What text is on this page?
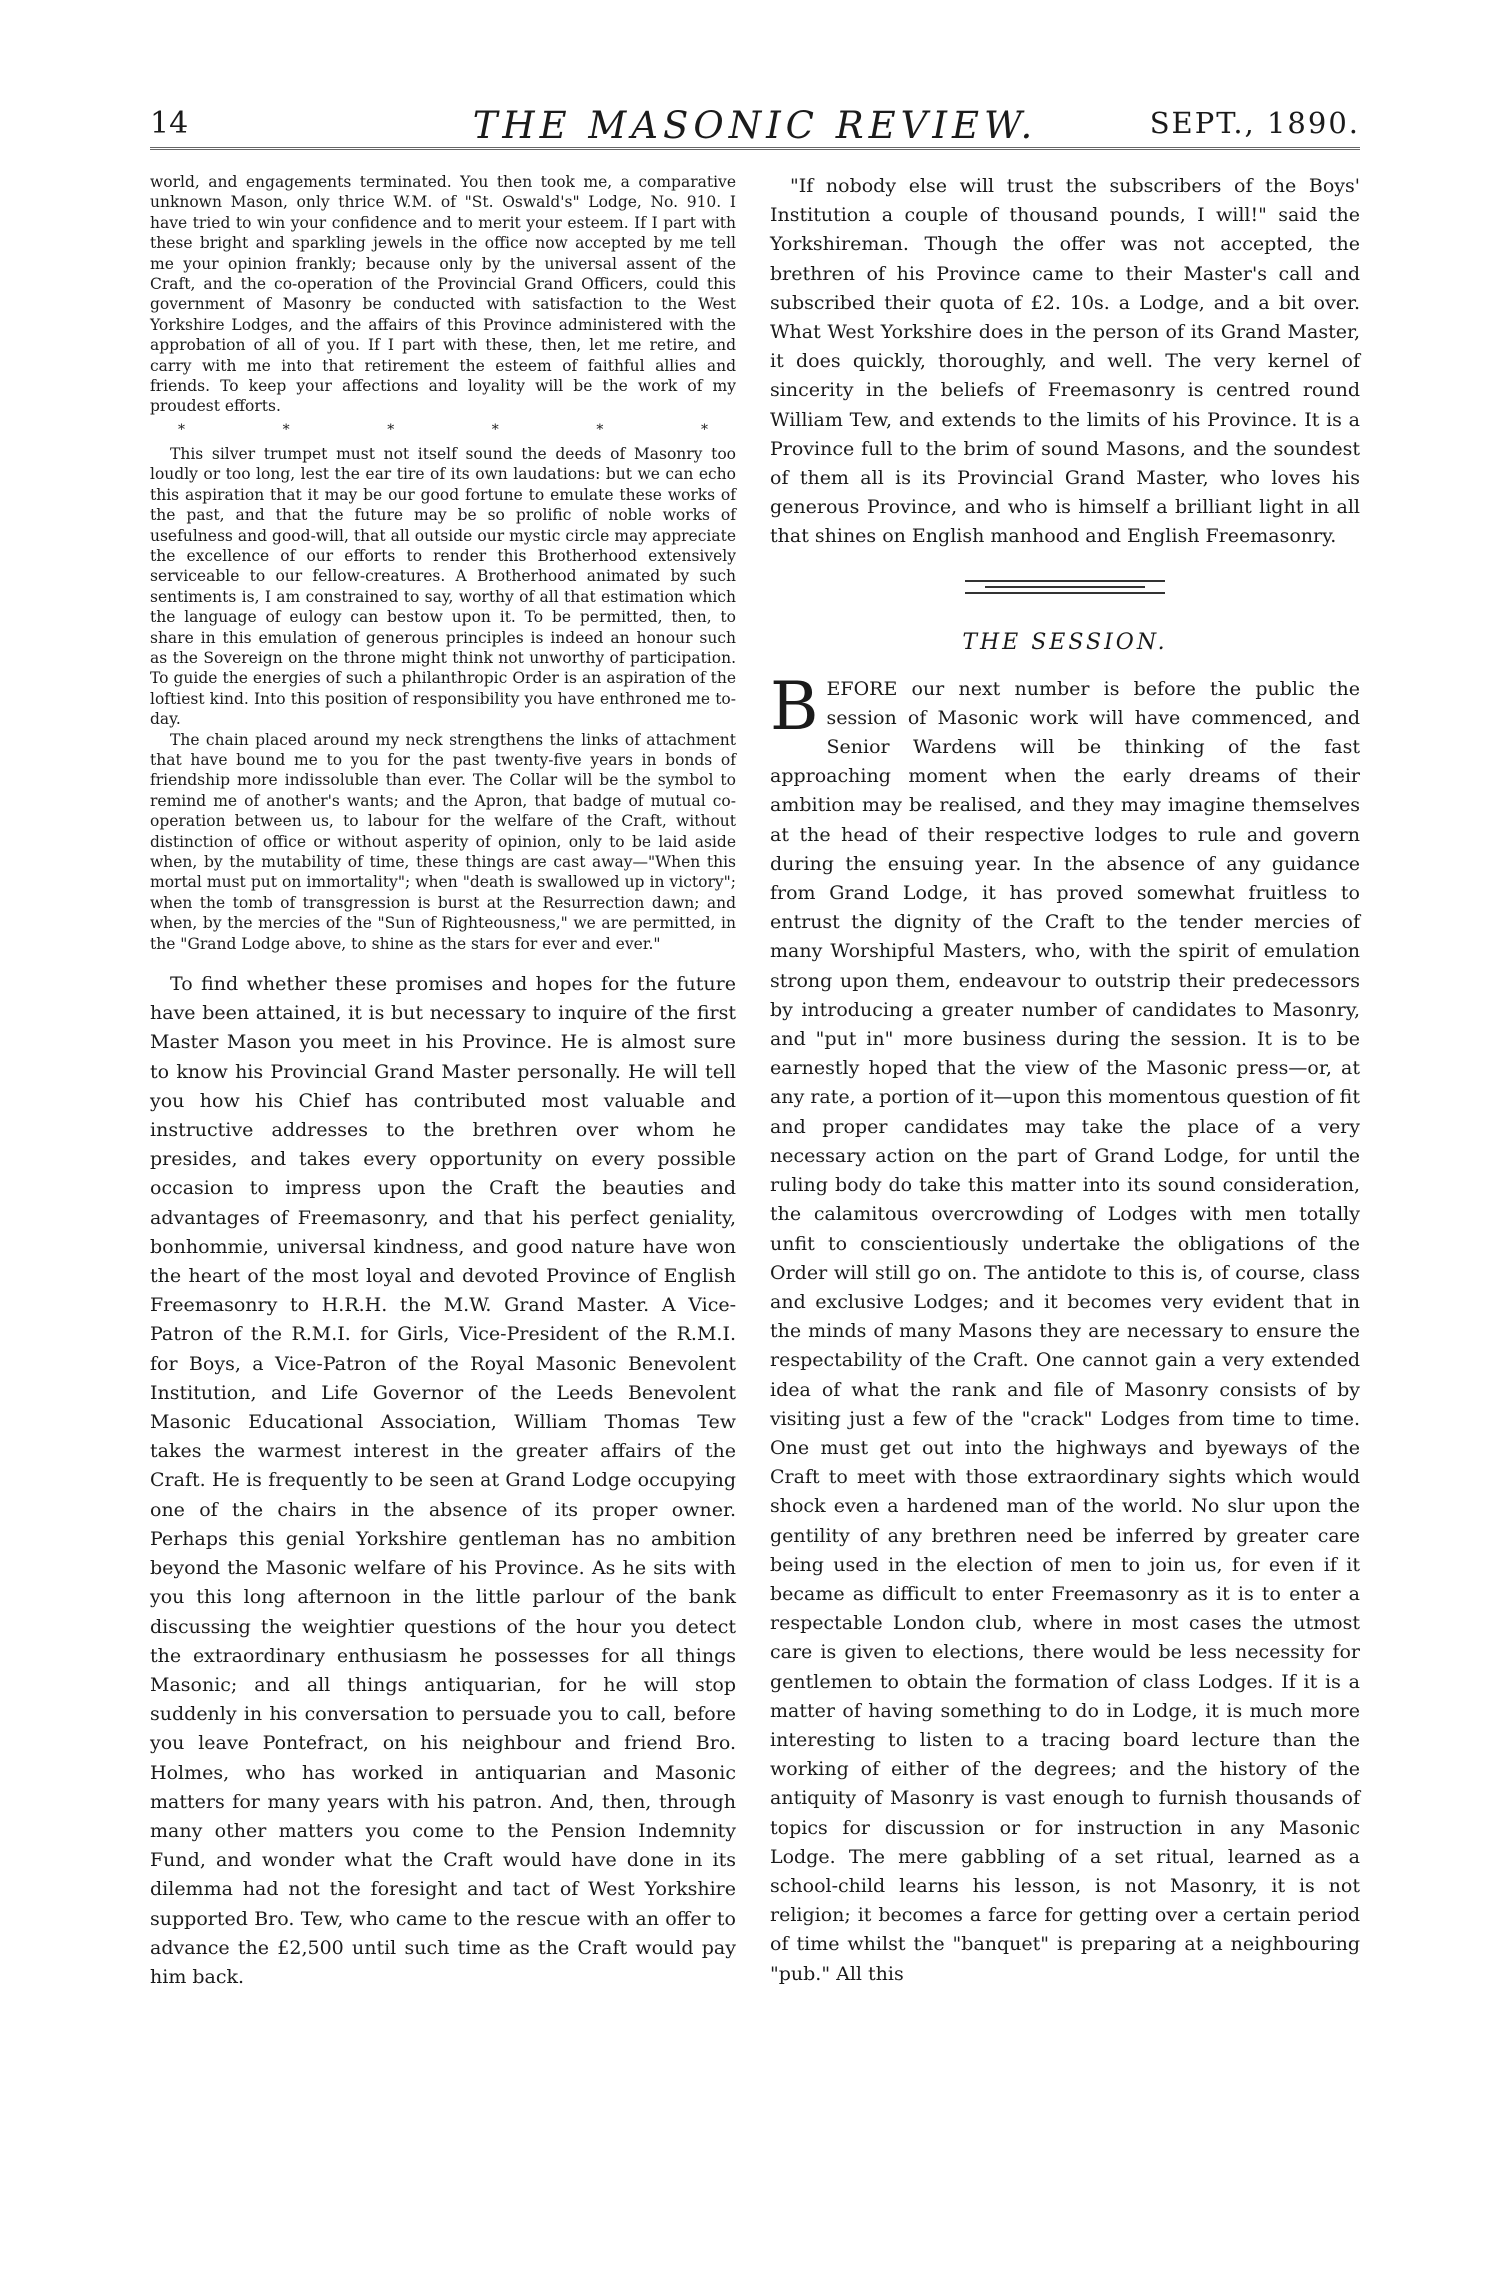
14	THE MASONIC REVIEW.	SEPT., 1890.

world, and engagements terminated. You then took me, a comparative unknown Mason, only thrice W.M. of "St. Oswald's" Lodge, No. 910. I have tried to win your confidence and to merit your esteem. If I part with these bright and sparkling jewels in the office now accepted by me tell me your opinion frankly; because only by the universal assent of the Craft, and the co-operation of the Provincial Grand Officers, could this government of Masonry be conducted with satisfaction to the West Yorkshire Lodges, and the affairs of this Province administered with the approbation of all of you. If I part with these, then, let me retire, and carry with me into that retirement the esteem of faithful allies and friends. To keep your affections and loyality will be the work of my proudest efforts.

*	*	*	*	*	*

This silver trumpet must not itself sound the deeds of Masonry too loudly or too long, lest the ear tire of its own laudations: but we can echo this aspiration that it may be our good fortune to emulate these works of the past, and that the future may be so prolific of noble works of usefulness and good-will, that all outside our mystic circle may appreciate the excellence of our efforts to render this Brotherhood extensively serviceable to our fellow-creatures. A Brotherhood animated by such sentiments is, I am constrained to say, worthy of all that estimation which the language of eulogy can bestow upon it. To be permitted, then, to share in this emulation of generous principles is indeed an honour such as the Sovereign on the throne might think not unworthy of participation. To guide the energies of such a philanthropic Order is an aspiration of the loftiest kind. Into this position of responsibility you have enthroned me to-day.

The chain placed around my neck strengthens the links of attachment that have bound me to you for the past twenty-five years in bonds of friendship more indissoluble than ever. The Collar will be the symbol to remind me of another's wants; and the Apron, that badge of mutual co-operation between us, to labour for the welfare of the Craft, without distinction of office or without asperity of opinion, only to be laid aside when, by the mutability of time, these things are cast away—"When this mortal must put on immortality"; when "death is swallowed up in victory"; when the tomb of transgression is burst at the Resurrection dawn; and when, by the mercies of the "Sun of Righteousness," we are permitted, in the "Grand Lodge above, to shine as the stars for ever and ever."

To find whether these promises and hopes for the future have been attained, it is but necessary to inquire of the first Master Mason you meet in his Province. He is almost sure to know his Provincial Grand Master personally. He will tell you how his Chief has contributed most valuable and instructive addresses to the brethren over whom he presides, and takes every opportunity on every possible occasion to impress upon the Craft the beauties and advantages of Freemasonry, and that his perfect geniality, bonhommie, universal kindness, and good nature have won the heart of the most loyal and devoted Province of English Freemasonry to H.R.H. the M.W. Grand Master. A Vice-Patron of the R.M.I. for Girls, Vice-President of the R.M.I. for Boys, a Vice-Patron of the Royal Masonic Benevolent Institution, and Life Governor of the Leeds Benevolent Masonic Educational Association, William Thomas Tew takes the warmest interest in the greater affairs of the Craft. He is frequently to be seen at Grand Lodge occupying one of the chairs in the absence of its proper owner. Perhaps this genial Yorkshire gentleman has no ambition beyond the Masonic welfare of his Province. As he sits with you this long afternoon in the little parlour of the bank discussing the weightier questions of the hour you detect the extraordinary enthusiasm he possesses for all things Masonic; and all things antiquarian, for he will stop suddenly in his conversation to persuade you to call, before you leave Pontefract, on his neighbour and friend Bro. Holmes, who has worked in antiquarian and Masonic matters for many years with his patron. And, then, through many other matters you come to the Pension Indemnity Fund, and wonder what the Craft would have done in its dilemma had not the foresight and tact of West Yorkshire supported Bro. Tew, who came to the rescue with an offer to advance the £2,500 until such time as the Craft would pay him back.

"If nobody else will trust the subscribers of the Boys' Institution a couple of thousand pounds, I will!" said the Yorkshireman. Though the offer was not accepted, the brethren of his Province came to their Master's call and subscribed their quota of £2. 10s. a Lodge, and a bit over. What West Yorkshire does in the person of its Grand Master, it does quickly, thoroughly, and well. The very kernel of sincerity in the beliefs of Freemasonry is centred round William Tew, and extends to the limits of his Province. It is a Province full to the brim of sound Masons, and the soundest of them all is its Provincial Grand Master, who loves his generous Province, and who is himself a brilliant light in all that shines on English manhood and English Freemasonry.

THE SESSION.

BEFORE our next number is before the public the session of Masonic work will have commenced, and Senior Wardens will be thinking of the fast approaching moment when the early dreams of their ambition may be realised, and they may imagine themselves at the head of their respective lodges to rule and govern during the ensuing year. In the absence of any guidance from Grand Lodge, it has proved somewhat fruitless to entrust the dignity of the Craft to the tender mercies of many Worshipful Masters, who, with the spirit of emulation strong upon them, endeavour to outstrip their predecessors by introducing a greater number of candidates to Masonry, and "put in" more business during the session. It is to be earnestly hoped that the view of the Masonic press—or, at any rate, a portion of it—upon this momentous question of fit and proper candidates may take the place of a very necessary action on the part of Grand Lodge, for until the ruling body do take this matter into its sound consideration, the calamitous overcrowding of Lodges with men totally unfit to conscientiously undertake the obligations of the Order will still go on. The antidote to this is, of course, class and exclusive Lodges; and it becomes very evident that in the minds of many Masons they are necessary to ensure the respectability of the Craft. One cannot gain a very extended idea of what the rank and file of Masonry consists of by visiting just a few of the "crack" Lodges from time to time. One must get out into the highways and byeways of the Craft to meet with those extraordinary sights which would shock even a hardened man of the world. No slur upon the gentility of any brethren need be inferred by greater care being used in the election of men to join us, for even if it became as difficult to enter Freemasonry as it is to enter a respectable London club, where in most cases the utmost care is given to elections, there would be less necessity for gentlemen to obtain the formation of class Lodges. If it is a matter of having something to do in Lodge, it is much more interesting to listen to a tracing board lecture than the working of either of the degrees; and the history of the antiquity of Masonry is vast enough to furnish thousands of topics for discussion or for instruction in any Masonic Lodge. The mere gabbling of a set ritual, learned as a school-child learns his lesson, is not Masonry, it is not religion; it becomes a farce for getting over a certain period of time whilst the "banquet" is preparing at a neighbouring "pub." All this
